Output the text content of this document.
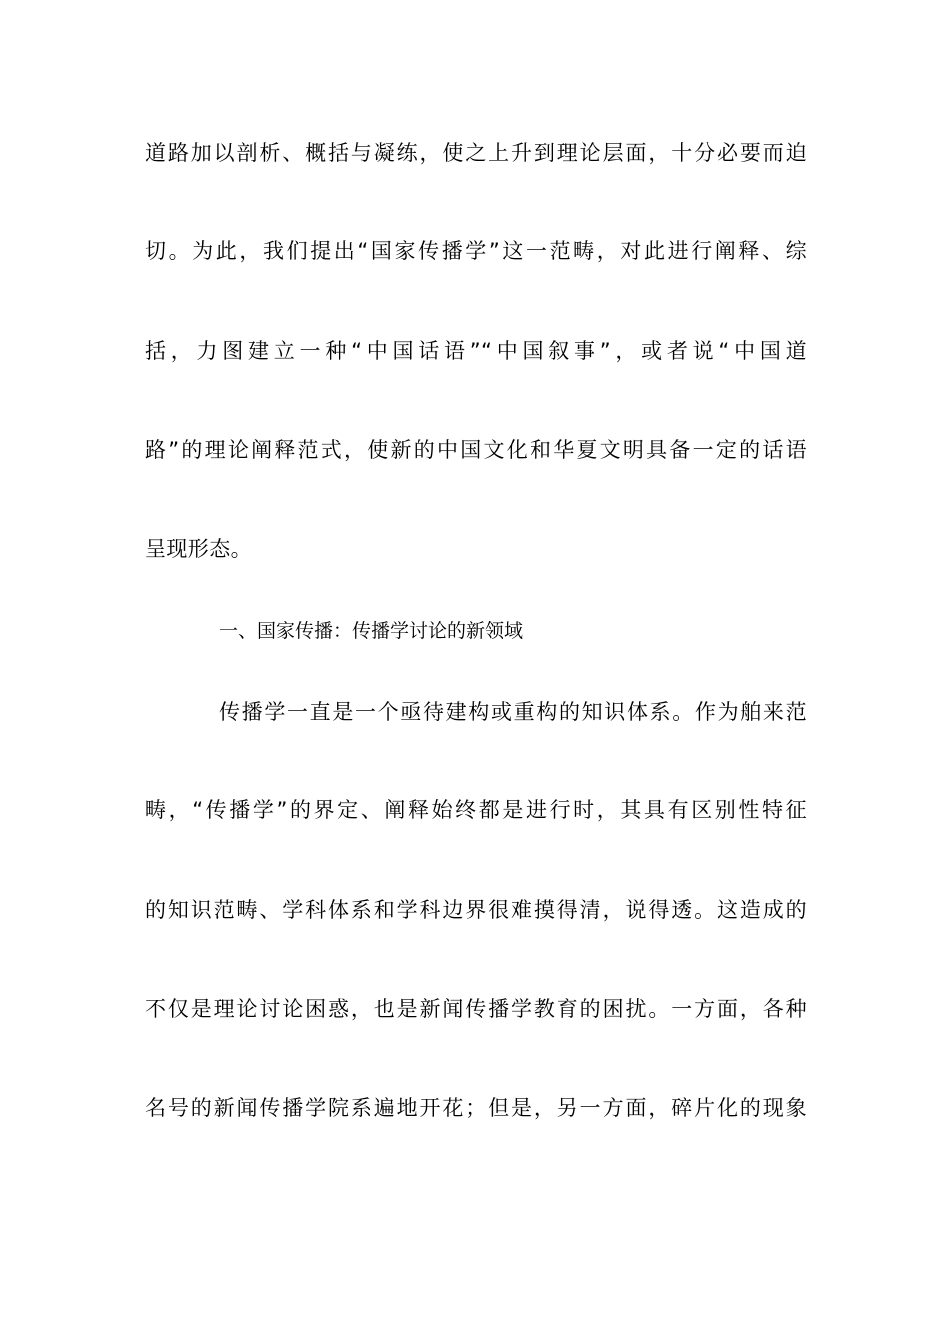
道路加以剖析、概括与凝练，使之上升到理论层面，十分必要而迫
切。为此，我们提出“国家传播学”这一范畴，对此进行阐释、综
括，力图建立一种“中国话语”“中国叙事”，或者说“中国道
路”的理论阐释范式，使新的中国文化和华夏文明具备一定的话语
呈现形态。
一、国家传播：传播学讨论的新领域
传播学一直是一个亟待建构或重构的知识体系。作为舶来范
畴，“传播学”的界定、阐释始终都是进行时，其具有区别性特征
的知识范畴、学科体系和学科边界很难摸得清，说得透。这造成的
不仅是理论讨论困惑，也是新闻传播学教育的困扰。一方面，各种
名号的新闻传播学院系遍地开花；但是，另一方面，碎片化的现象
